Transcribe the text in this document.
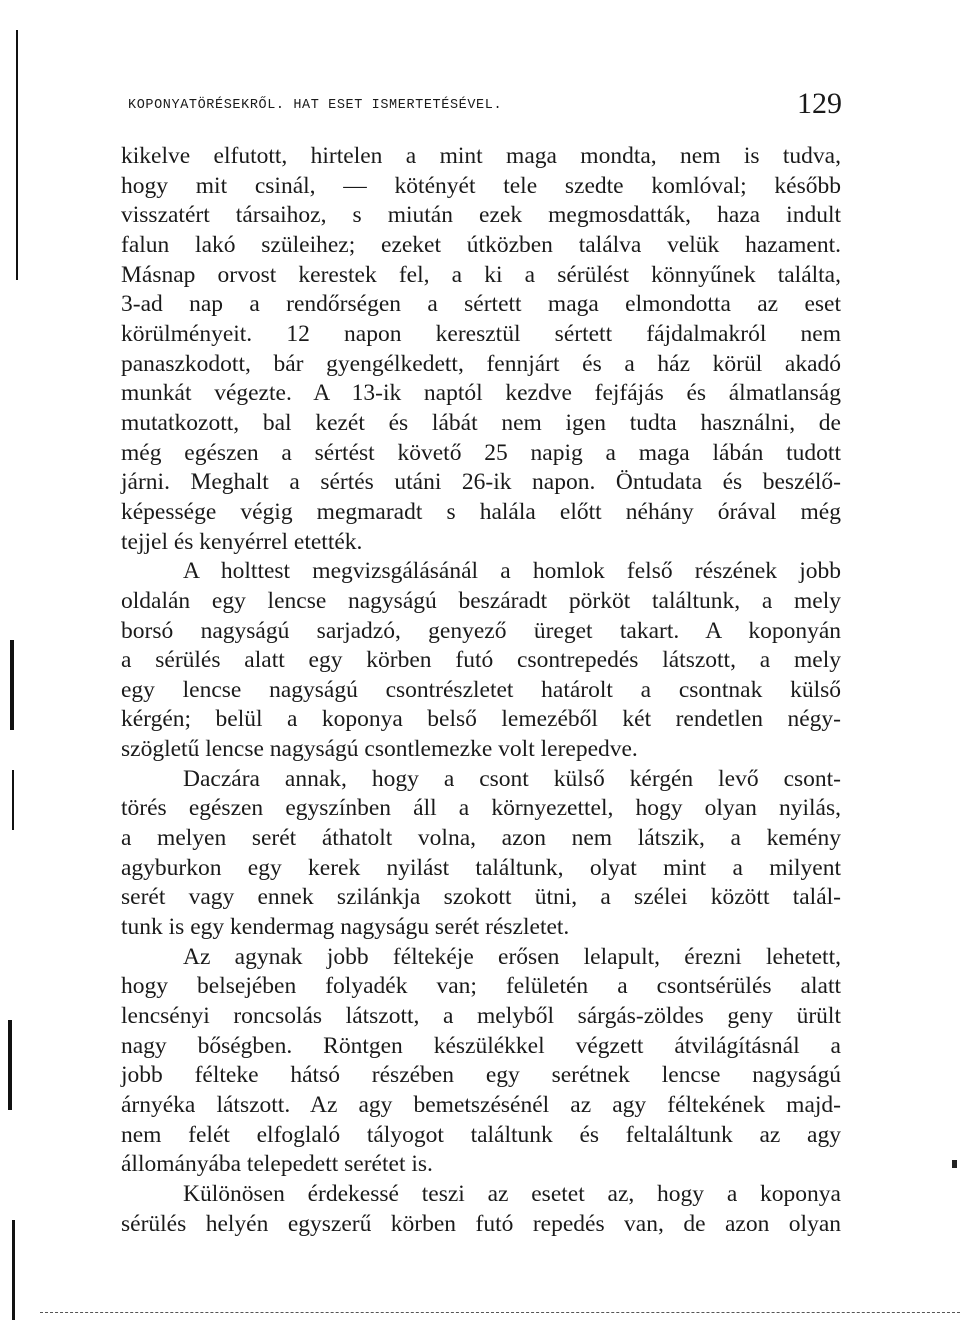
KOPONYATÖRÉSEKRŐL. HAT ESET ISMERTETÉSÉVEL.	129
kikelve elfutott, hirtelen a mint maga mondta, nem is tudva,
hogy mit csinál, — kötényét tele szedte komlóval; később
visszatért társaihoz, s miután ezek megmosdatták, haza indult
falun lakó szüleihez; ezeket útközben találva velük hazament.
Másnap orvost kerestek fel, a ki a sérülést könnyűnek találta,
3-ad nap a rendőrségen a sértett maga elmondotta az eset
körülményeit. 12 napon keresztül sértett fájdalmakról nem
panaszkodott, bár gyengélkedett, fennjárt és a ház körül akadó
munkát végezte. A 13-ik naptól kezdve fejfájás és álmatlanság
mutatkozott, bal kezét és lábát nem igen tudta használni, de
még egészen a sértést követő 25 napig a maga lábán tudott
járni. Meghalt a sértés utáni 26-ik napon. Öntudata és beszélő-
képessége végig megmaradt s halála előtt néhány órával még
tejjel és kenyérrel etették.
A holttest megvizsgálásánál a homlok felső részének jobb
oldalán egy lencse nagyságú beszáradt pörköt találtunk, a mely
borsó nagyságú sarjadzó, genyező üreget takart. A koponyán
a sérülés alatt egy körben futó csontrepedés látszott, a mely
egy lencse nagyságú csontrészletet határolt a csontnak külső
kérgén; belül a koponya belső lemezéből két rendetlen négy-
szögletű lencse nagyságú csontlemezke volt lerepedve.
Daczára annak, hogy a csont külső kérgén levő csont-
törés egészen egyszínben áll a környezettel, hogy olyan nyilás,
a melyen serét áthatolt volna, azon nem látszik, a kemény
agyburkon egy kerek nyilást találtunk, olyat mint a milyent
serét vagy ennek szilánkja szokott ütni, a szélei között talál-
tunk is egy kendermag nagyságu serét részletet.
Az agynak jobb féltekéje erősen lelapult, érezni lehetett,
hogy belsejében folyadék van; felületén a csontsérülés alatt
lencsényi roncsolás látszott, a melyből sárgás-zöldes geny ürült
nagy bőségben. Röntgen készülékkel végzett átvilágításnál a
jobb félteke hátsó részében egy serétnek lencse nagyságú
árnyéka látszott. Az agy bemetszésénél az agy féltekének majd-
nem felét elfoglaló tályogot találtunk és feltaláltunk az agy
állományába telepedett serétet is.
Különösen érdekessé teszi az esetet az, hogy a koponya
sérülés helyén egyszerű körben futó repedés van, de azon olyan
